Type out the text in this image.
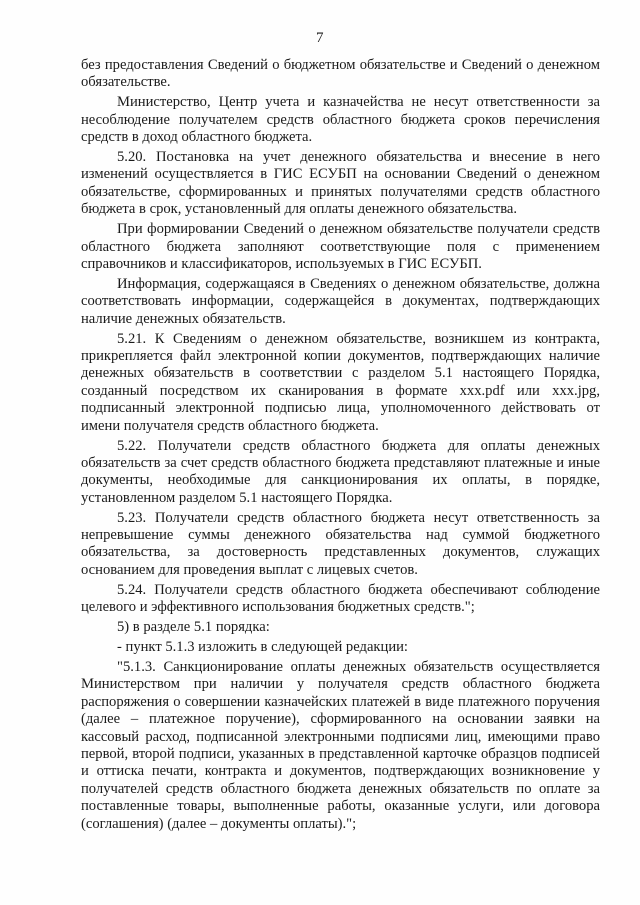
7

без предоставления Сведений о бюджетном обязательстве и Сведений о денежном обязательстве.

Министерство, Центр учета и казначейства не несут ответственности за несоблюдение получателем средств областного бюджета сроков перечисления средств в доход областного бюджета.

5.20. Постановка на учет денежного обязательства и внесение в него изменений осуществляется в ГИС ЕСУБП на основании Сведений о денежном обязательстве, сформированных и принятых получателями средств областного бюджета в срок, установленный для оплаты денежного обязательства.

При формировании Сведений о денежном обязательстве получатели средств областного бюджета заполняют соответствующие поля с применением справочников и классификаторов, используемых в ГИС ЕСУБП.

Информация, содержащаяся в Сведениях о денежном обязательстве, должна соответствовать информации, содержащейся в документах, подтверждающих наличие денежных обязательств.

5.21. К Сведениям о денежном обязательстве, возникшем из контракта, прикрепляется файл электронной копии документов, подтверждающих наличие денежных обязательств в соответствии с разделом 5.1 настоящего Порядка, созданный посредством их сканирования в формате xxx.pdf или xxx.jpg, подписанный электронной подписью лица, уполномоченного действовать от имени получателя средств областного бюджета.

5.22. Получатели средств областного бюджета для оплаты денежных обязательств за счет средств областного бюджета представляют платежные и иные документы, необходимые для санкционирования их оплаты, в порядке, установленном разделом 5.1 настоящего Порядка.

5.23. Получатели средств областного бюджета несут ответственность за непревышение суммы денежного обязательства над суммой бюджетного обязательства, за достоверность представленных документов, служащих основанием для проведения выплат с лицевых счетов.

5.24. Получатели средств областного бюджета обеспечивают соблюдение целевого и эффективного использования бюджетных средств.";

5) в разделе 5.1 порядка:

- пункт 5.1.3 изложить в следующей редакции:

"5.1.3. Санкционирование оплаты денежных обязательств осуществляется Министерством при наличии у получателя средств областного бюджета распоряжения о совершении казначейских платежей в виде платежного поручения (далее – платежное поручение), сформированного на основании заявки на кассовый расход, подписанной электронными подписями лиц, имеющими право первой, второй подписи, указанных в представленной карточке образцов подписей и оттиска печати, контракта и документов, подтверждающих возникновение у получателей средств областного бюджета денежных обязательств по оплате за поставленные товары, выполненные работы, оказанные услуги, или договора (соглашения) (далее – документы оплаты).";
